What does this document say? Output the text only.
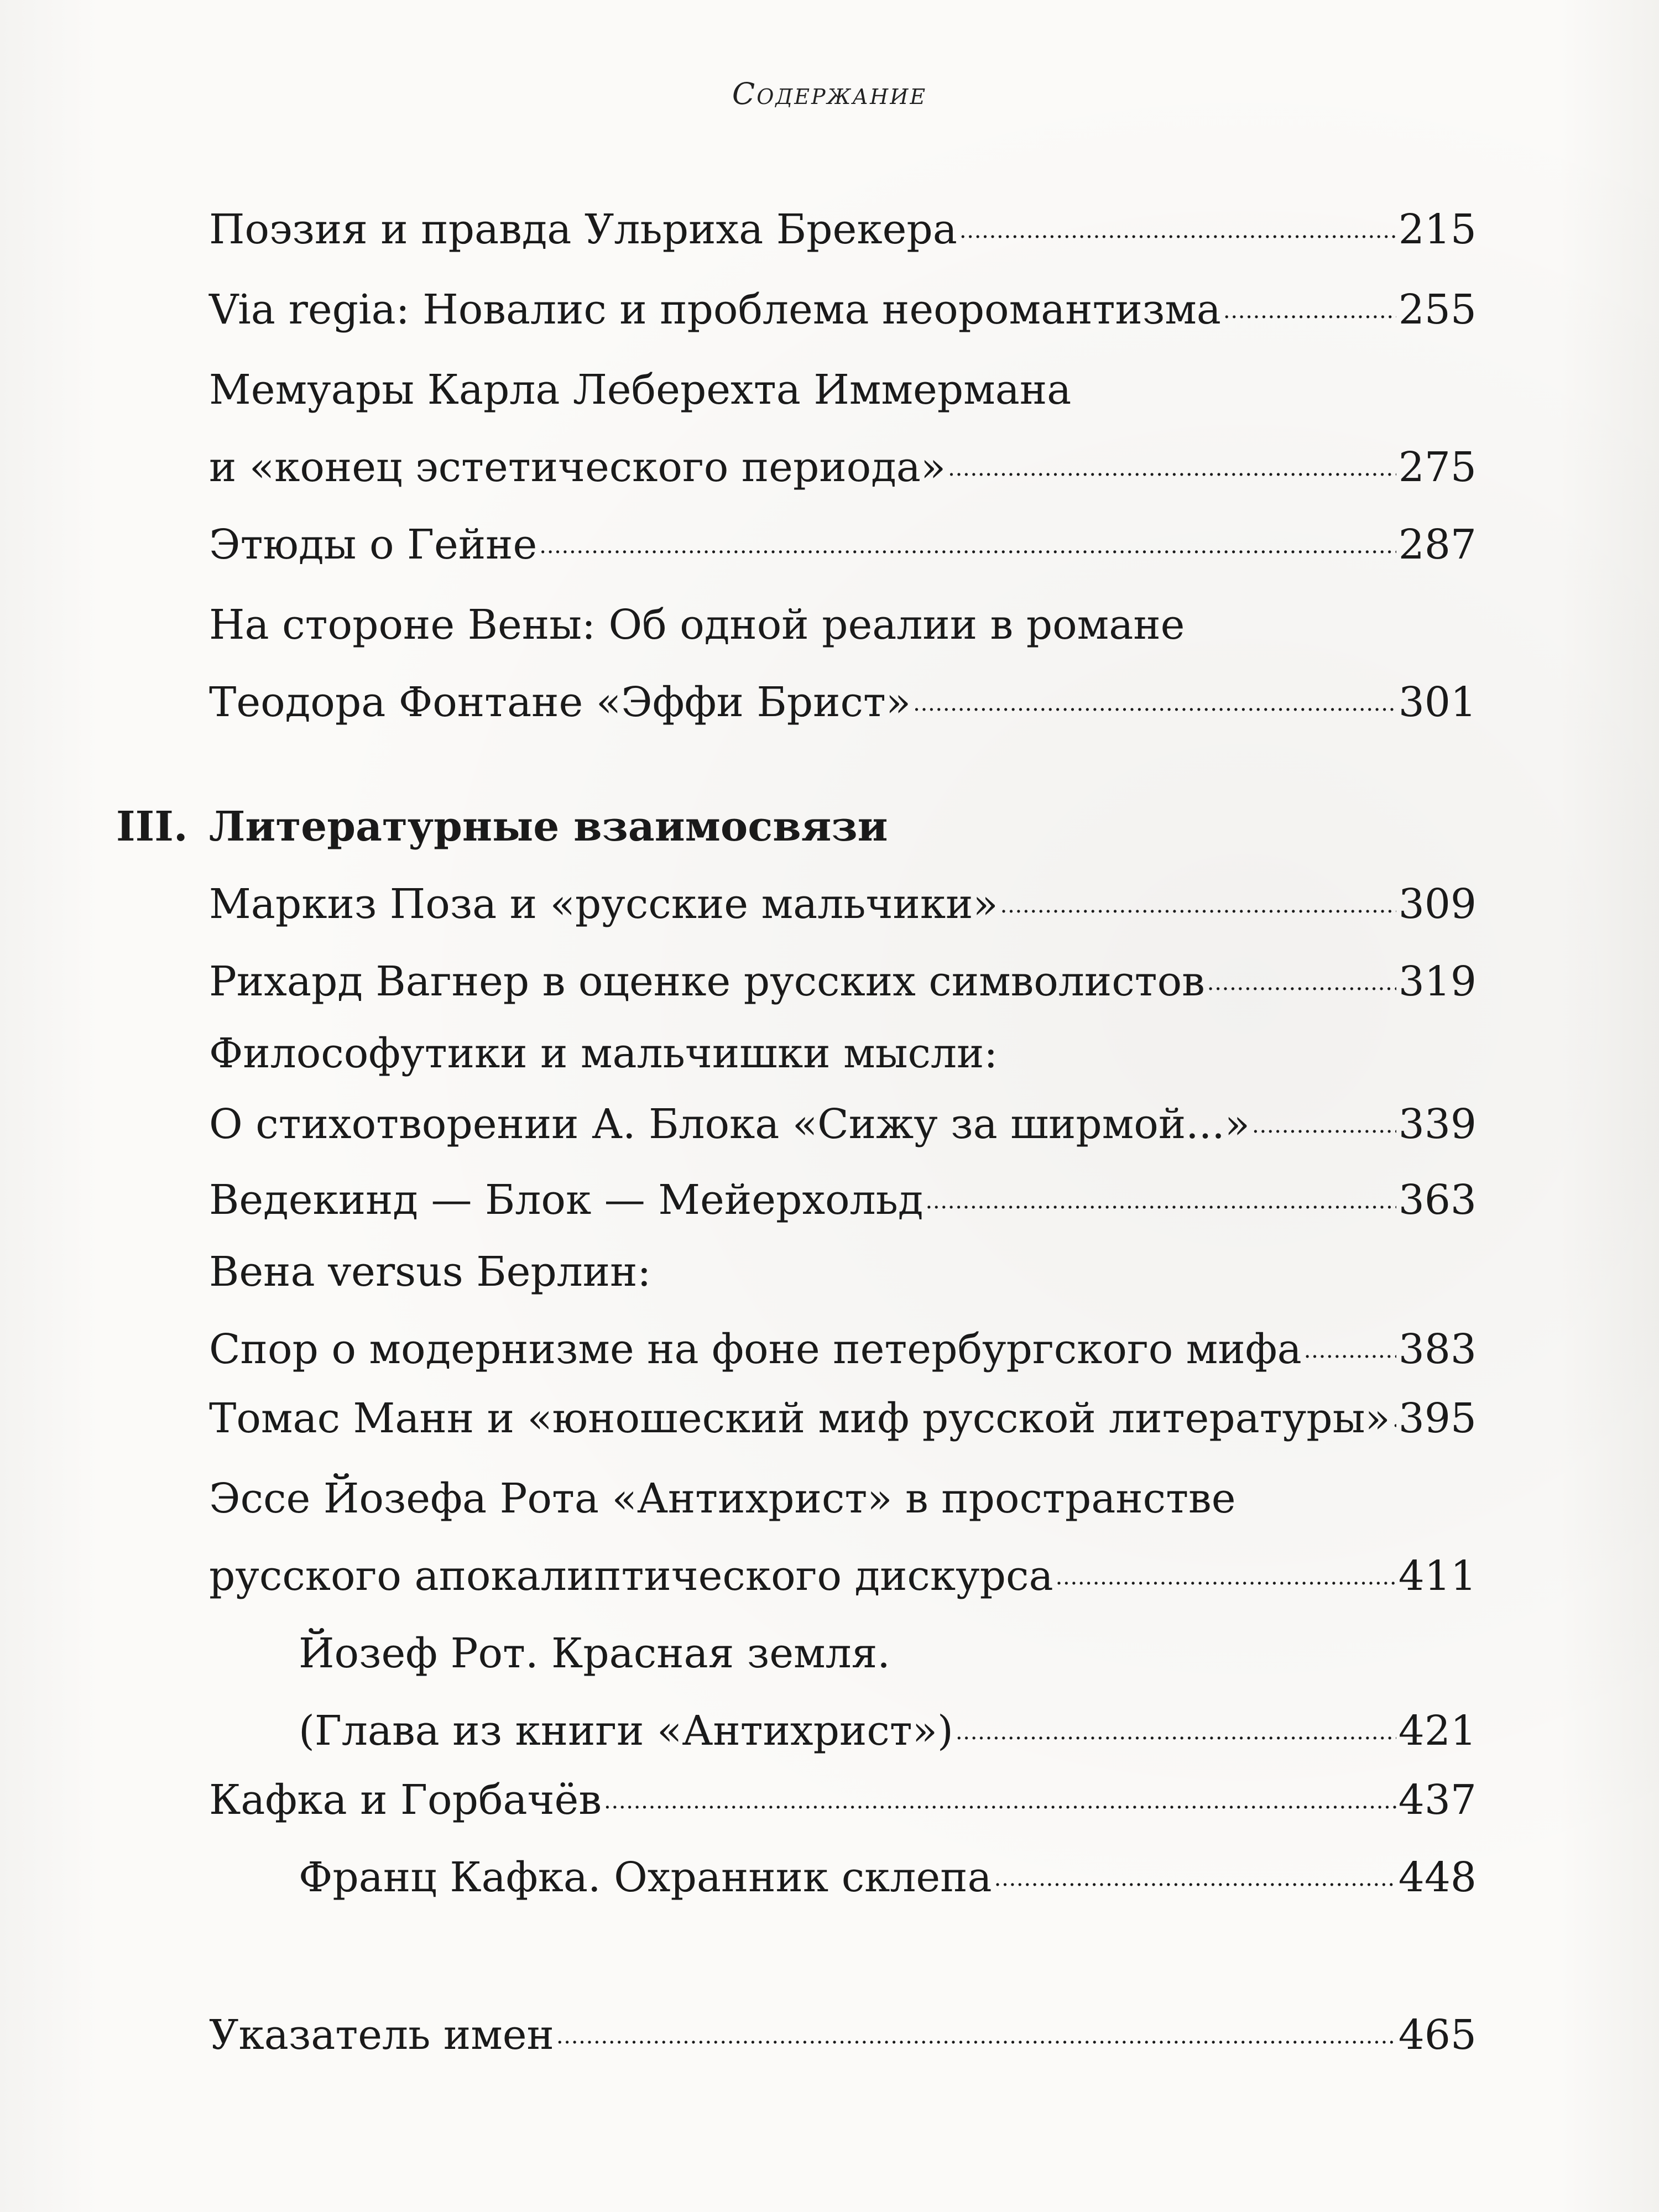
Содержание
Поэзия и правда Ульриха Брекера . . .	215
Via regia: Новалис и проблема неоромантизма . . .	255
Мемуары Карла Леберехта Иммермана
и «конец эстетического периода» . . .	275
Этюды о Гейне . . .	287
На стороне Вены: Об одной реалии в романе
Теодора Фонтане «Эффи Брист» . . .	301
III. Литературные взаимосвязи
Маркиз Поза и «русские мальчики» . . .	309
Рихард Вагнер в оценке русских символистов . . .	319
Философутики и мальчишки мысли:
О стихотворении А. Блока «Сижу за ширмой...» . . .	339
Ведекинд — Блок — Мейерхольд . . .	363
Вена versus Берлин:
Спор о модернизме на фоне петербургского мифа . . . 383
Томас Манн и «юношеский миф русской литературы» . . . 395
Эссе Йозефа Рота «Антихрист» в пространстве
русского апокалиптического дискурса . . .	411
Йозеф Рот. Красная земля.
(Глава из книги «Антихрист») . . .	421
Кафка и Горбачёв . . .	437
Франц Кафка. Охранник склепа . . .	448
Указатель имен . . .	465
